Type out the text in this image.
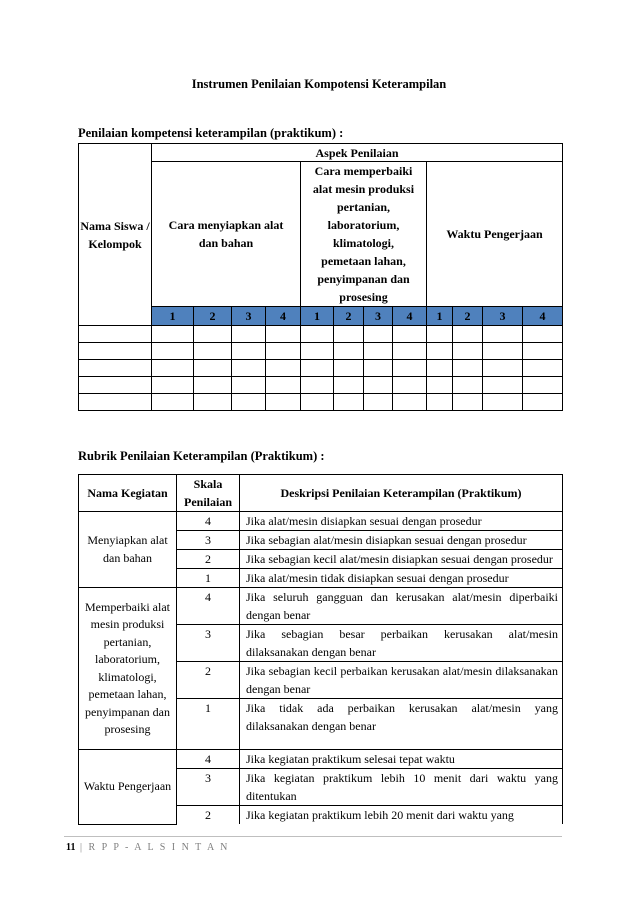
Instrumen Penilaian Kompotensi Keterampilan
Penilaian kompetensi keterampilan (praktikum) :
Nama Siswa / Kelompok	Aspek Penilaian											
	Cara menyiapkan alat dan bahan				Cara memperbaiki alat mesin produksi pertanian, laboratorium, klimatologi, pemetaan lahan, penyimpanan dan prosesing				Waktu Pengerjaan			
	1	2	3	4	1	2	3	4	1	2	3	4

Rubrik Penilaian Keterampilan (Praktikum) :
Nama Kegiatan	Skala Penilaian	Deskripsi Penilaian Keterampilan (Praktikum)
Menyiapkan alat dan bahan	4	Jika alat/mesin disiapkan sesuai dengan prosedur
	3	Jika sebagian alat/mesin disiapkan sesuai dengan prosedur
	2	Jika sebagian kecil alat/mesin disiapkan sesuai dengan prosedur
	1	Jika alat/mesin tidak disiapkan sesuai dengan prosedur
Memperbaiki alat mesin produksi pertanian, laboratorium, klimatologi, pemetaan lahan, penyimpanan dan prosesing	4	Jika seluruh gangguan dan kerusakan alat/mesin diperbaiki dengan benar
	3	Jika sebagian besar perbaikan kerusakan alat/mesin dilaksanakan dengan benar
	2	Jika sebagian kecil perbaikan kerusakan alat/mesin dilaksanakan dengan benar
	1	Jika tidak ada perbaikan kerusakan alat/mesin yang dilaksanakan dengan benar
Waktu Pengerjaan	4	Jika kegiatan praktikum selesai tepat waktu
	3	Jika kegiatan praktikum lebih 10 menit dari waktu yang ditentukan
	2	Jika kegiatan praktikum lebih 20 menit dari waktu yang
11 | R P P - A L S I N T A N
